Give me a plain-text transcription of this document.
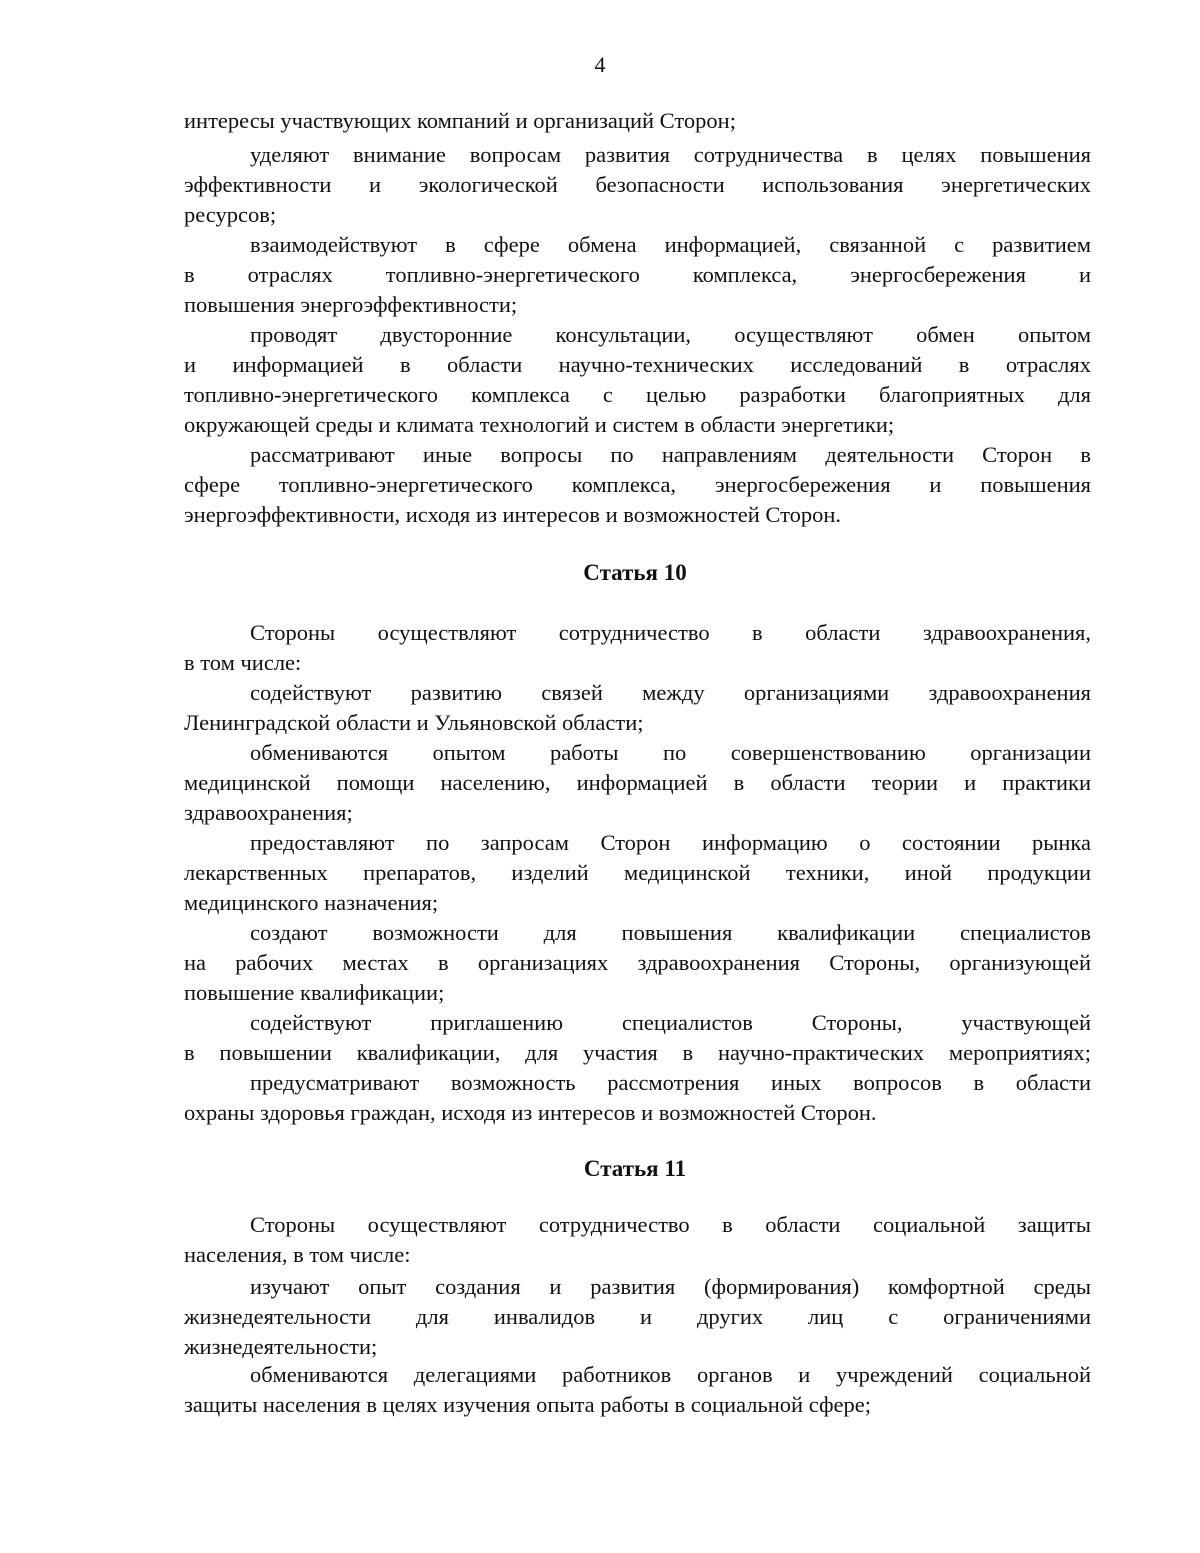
4
интересы участвующих компаний и организаций Сторон;
уделяют внимание вопросам развития сотрудничества в целях повышения
эффективности и экологической безопасности использования энергетических
ресурсов;
взаимодействуют в сфере обмена информацией, связанной с развитием
в отраслях топливно-энергетического комплекса, энергосбережения и
повышения энергоэффективности;
проводят двусторонние консультации, осуществляют обмен опытом
и информацией в области научно-технических исследований в отраслях
топливно-энергетического комплекса с целью разработки благоприятных для
окружающей среды и климата технологий и систем в области энергетики;
рассматривают иные вопросы по направлениям деятельности Сторон в
сфере топливно-энергетического комплекса, энергосбережения и повышения
энергоэффективности, исходя из интересов и возможностей Сторон.
Статья 10
Стороны осуществляют сотрудничество в области здравоохранения,
в том числе:
содействуют развитию связей между организациями здравоохранения
Ленинградской области и Ульяновской области;
обмениваются опытом работы по совершенствованию организации
медицинской помощи населению, информацией в области теории и практики
здравоохранения;
предоставляют по запросам Сторон информацию о состоянии рынка
лекарственных препаратов, изделий медицинской техники, иной продукции
медицинского назначения;
создают возможности для повышения квалификации специалистов
на рабочих местах в организациях здравоохранения Стороны, организующей
повышение квалификации;
содействуют приглашению специалистов Стороны, участвующей
в повышении квалификации, для участия в научно-практических мероприятиях;
предусматривают возможность рассмотрения иных вопросов в области
охраны здоровья граждан, исходя из интересов и возможностей Сторон.
Статья 11
Стороны осуществляют сотрудничество в области социальной защиты
населения, в том числе:
изучают опыт создания и развития (формирования) комфортной среды
жизнедеятельности для инвалидов и других лиц с ограничениями
жизнедеятельности;
обмениваются делегациями работников органов и учреждений социальной
защиты населения в целях изучения опыта работы в социальной сфере;
